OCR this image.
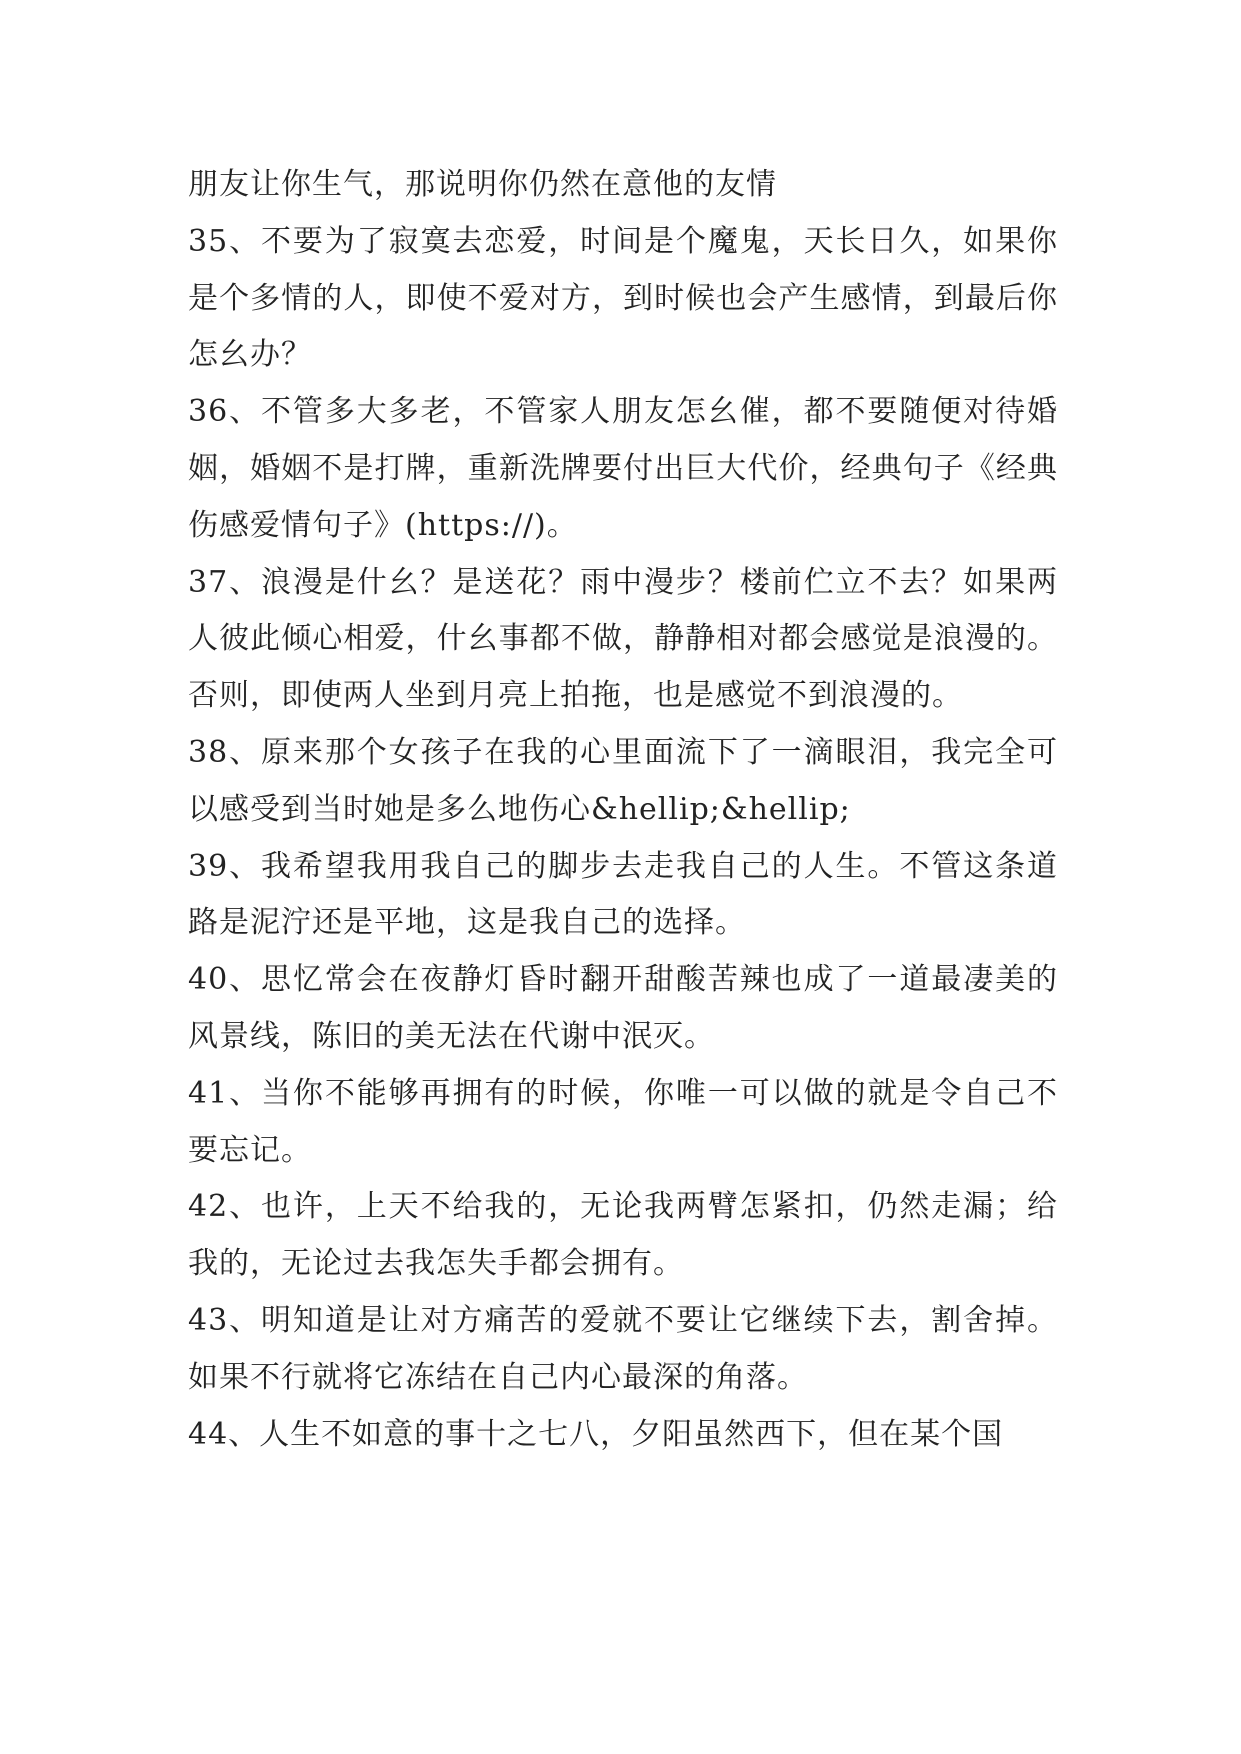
朋友让你生气，那说明你仍然在意他的友情

35、不要为了寂寞去恋爱，时间是个魔鬼，天长日久，如果你是个多情的人，即使不爱对方，到时候也会产生感情，到最后你怎幺办？

36、不管多大多老，不管家人朋友怎幺催，都不要随便对待婚姻，婚姻不是打牌，重新洗牌要付出巨大代价，经典句子《经典伤感爱情句子》(https://)。

37、浪漫是什幺？是送花？雨中漫步？楼前伫立不去？如果两人彼此倾心相爱，什幺事都不做，静静相对都会感觉是浪漫的。否则，即使两人坐到月亮上拍拖，也是感觉不到浪漫的。

38、原来那个女孩子在我的心里面流下了一滴眼泪，我完全可以感受到当时她是多么地伤心&hellip;&hellip;

39、我希望我用我自己的脚步去走我自己的人生。不管这条道路是泥泞还是平地，这是我自己的选择。

40、思忆常会在夜静灯昏时翻开甜酸苦辣也成了一道最凄美的风景线，陈旧的美无法在代谢中泯灭。

41、当你不能够再拥有的时候，你唯一可以做的就是令自己不要忘记。

42、也许，上天不给我的，无论我两臂怎紧扣，仍然走漏；给我的，无论过去我怎失手都会拥有。

43、明知道是让对方痛苦的爱就不要让它继续下去，割舍掉。如果不行就将它冻结在自己内心最深的角落。

44、人生不如意的事十之七八，夕阳虽然西下，但在某个国
